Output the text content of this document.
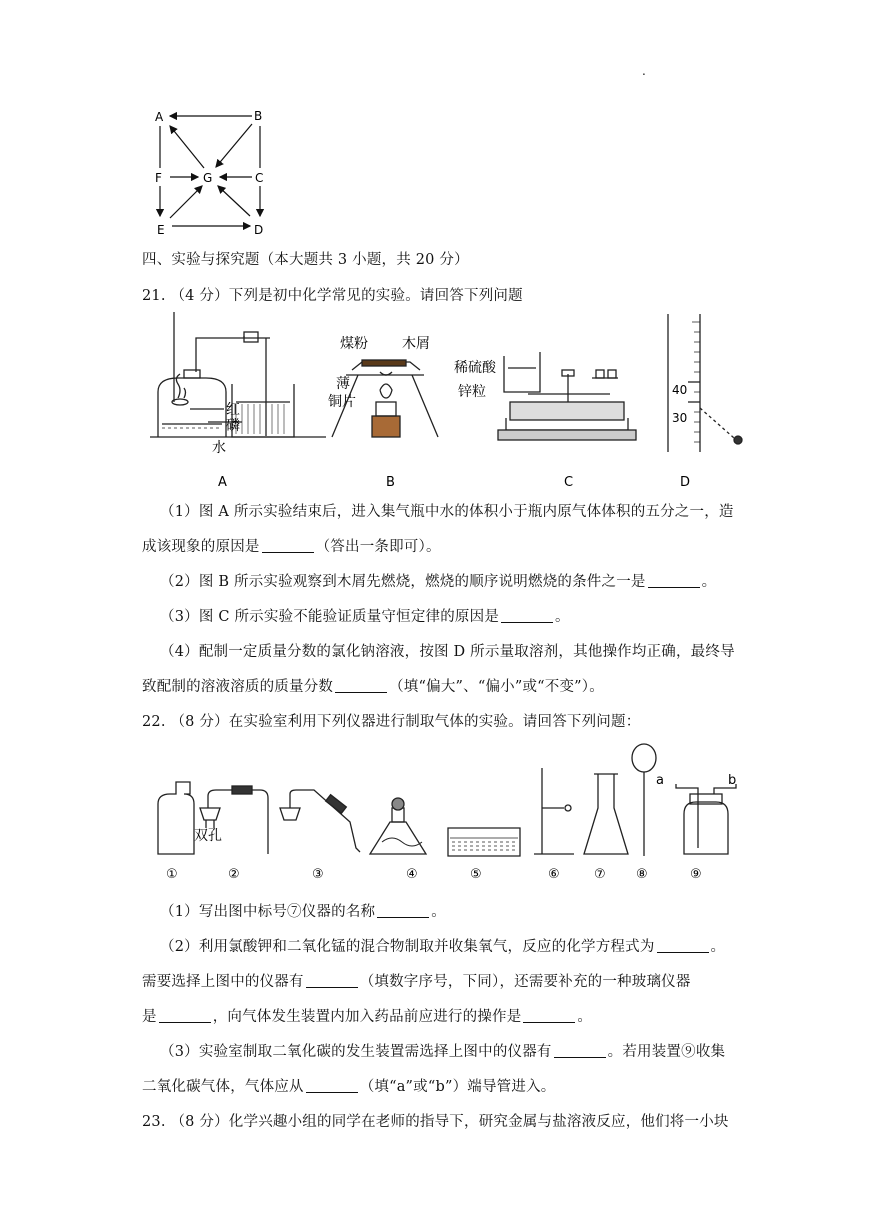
.
A	B
F	G	C
E	D
四、实验与探究题（本大题共 3 小题，共 20 分）
21. （4 分）下列是初中化学常见的实验。请回答下列问题
红
磷
水
A
煤粉 木屑
薄
铜片
B
稀硫酸
锌粒
C
40
30
D
（1）图 A 所示实验结束后，进入集气瓶中水的体积小于瓶内原气体体积的五分之一，造
成该现象的原因是	（答出一条即可）。
（2）图 B 所示实验观察到木屑先燃烧，燃烧的顺序说明燃烧的条件之一是	。
（3）图 C 所示实验不能验证质量守恒定律的原因是	。
（4）配制一定质量分数的氯化钠溶液，按图 D 所示量取溶剂，其他操作均正确，最终导
致配制的溶液溶质的质量分数	（填“偏大”、“偏小”或“不变”）。
22. （8 分）在实验室利用下列仪器进行制取气体的实验。请回答下列问题：
双孔
a	b
①	②	③	④	⑤	⑥	⑦ ⑧	⑨
（1）写出图中标号⑦仪器的名称	。
（2）利用氯酸钾和二氧化锰的混合物制取并收集氧气，反应的化学方程式为	。
需要选择上图中的仪器有	（填数字序号，下同），还需要补充的一种玻璃仪器
是	，向气体发生装置内加入药品前应进行的操作是	。
（3）实验室制取二氧化碳的发生装置需选择上图中的仪器有	。若用装置⑨收集
二氧化碳气体，气体应从	（填“a”或“b”）端导管进入。
23. （8 分）化学兴趣小组的同学在老师的指导下，研究金属与盐溶液反应，他们将一小块
